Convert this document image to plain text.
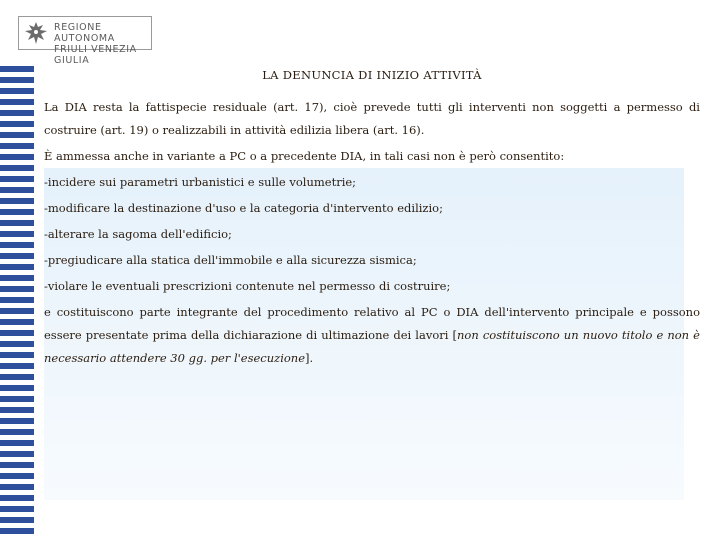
REGIONE AUTONOMA
FRIULI VENEZIA GIULIA
LA DENUNCIA DI INIZIO ATTIVITÀ

La DIA resta la fattispecie residuale (art. 17), cioè prevede tutti gli interventi non soggetti a permesso di costruire (art. 19) o realizzabili in attività edilizia libera (art. 16).

È ammessa anche in variante a PC o a precedente DIA, in tali casi non è però consentito:

-incidere sui parametri urbanistici e sulle volumetrie;

-modificare la destinazione d'uso e la categoria d'intervento edilizio;

-alterare la sagoma dell'edificio;

-pregiudicare alla statica dell'immobile e alla sicurezza sismica;

-violare le eventuali prescrizioni contenute nel permesso di costruire;

e costituiscono parte integrante del procedimento relativo al PC o DIA dell'intervento principale e possono essere presentate prima della dichiarazione di ultimazione dei lavori [non costituiscono un nuovo titolo e non è necessario attendere 30 gg. per l'esecuzione].
